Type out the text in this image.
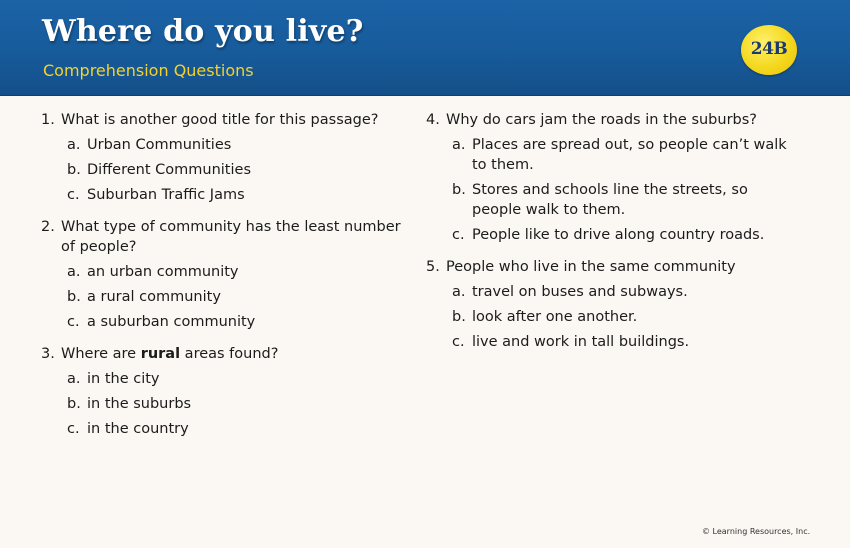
Where do you live?
Comprehension Questions
24B
1. What is another good title for this passage?
a. Urban Communities
b. Different Communities
c. Suburban Traffic Jams
2. What type of community has the least number of people?
a. an urban community
b. a rural community
c. a suburban community
3. Where are rural areas found?
a. in the city
b. in the suburbs
c. in the country
4. Why do cars jam the roads in the suburbs?
a. Places are spread out, so people can’t walk to them.
b. Stores and schools line the streets, so people walk to them.
c. People like to drive along country roads.
5. People who live in the same community
a. travel on buses and subways.
b. look after one another.
c. live and work in tall buildings.
© Learning Resources, Inc.
